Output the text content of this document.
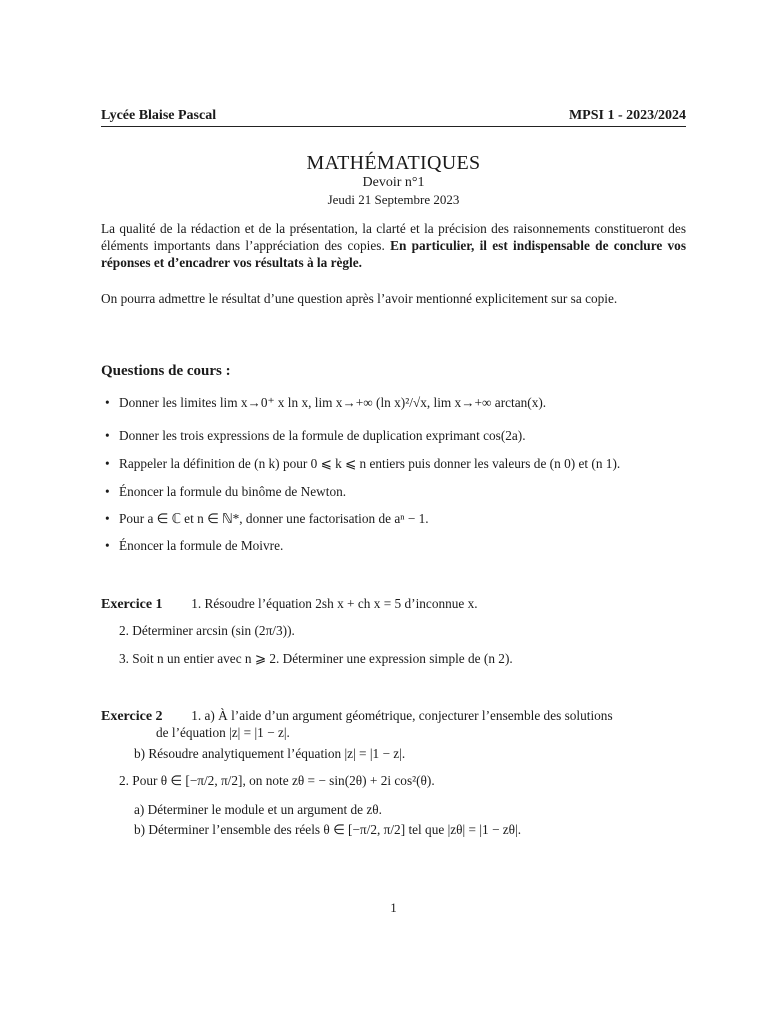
Lycée Blaise Pascal	MPSI 1 - 2023/2024
MATHÉMATIQUES
Devoir n°1
Jeudi 21 Septembre 2023
La qualité de la rédaction et de la présentation, la clarté et la précision des raisonnements constitueront des éléments importants dans l’appréciation des copies. En particulier, il est indispensable de conclure vos réponses et d’encadrer vos résultats à la règle.
On pourra admettre le résultat d’une question après l’avoir mentionné explicitement sur sa copie.
Questions de cours :
• Donner les limites lim x→0⁺ x ln x, lim x→+∞ (ln x)²/√x, lim x→+∞ arctan(x).
• Donner les trois expressions de la formule de duplication exprimant cos(2a).
• Rappeler la définition de (n k) pour 0 ⩽ k ⩽ n entiers puis donner les valeurs de (n 0) et (n 1).
• Énoncer la formule du binôme de Newton.
• Pour a ∈ ℂ et n ∈ ℕ*, donner une factorisation de aⁿ − 1.
• Énoncer la formule de Moivre.
Exercice 1 1. Résoudre l’équation 2sh x + ch x = 5 d’inconnue x.
2. Déterminer arcsin (sin (2π/3)).
3. Soit n un entier avec n ⩾ 2. Déterminer une expression simple de (n 2).
Exercice 2 1. a) À l’aide d’un argument géométrique, conjecturer l’ensemble des solutions
de l’équation |z| = |1 − z|.
b) Résoudre analytiquement l’équation |z| = |1 − z|.
2. Pour θ ∈ [−π/2, π/2], on note zθ = − sin(2θ) + 2i cos²(θ).
a) Déterminer le module et un argument de zθ.
b) Déterminer l’ensemble des réels θ ∈ [−π/2, π/2] tel que |zθ| = |1 − zθ|.
1
